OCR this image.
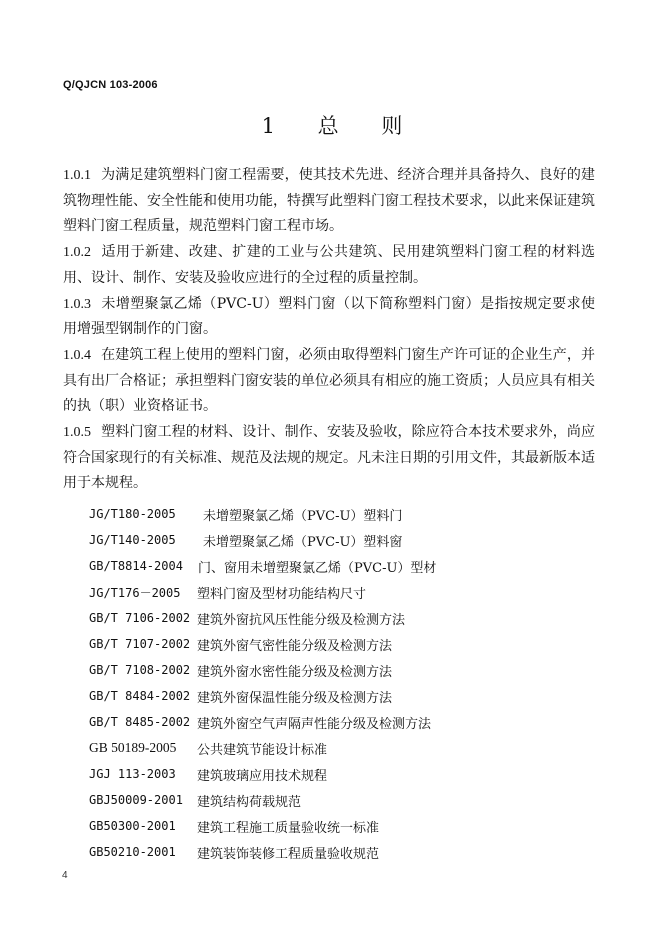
Q/QJCN 103-2006
1 总 则

1.0.1 为满足建筑塑料门窗工程需要，使其技术先进、经济合理并具备持久、良好的建筑物理性能、安全性能和使用功能，特撰写此塑料门窗工程技术要求，以此来保证建筑塑料门窗工程质量，规范塑料门窗工程市场。

1.0.2 适用于新建、改建、扩建的工业与公共建筑、民用建筑塑料门窗工程的材料选用、设计、制作、安装及验收应进行的全过程的质量控制。

1.0.3 未增塑聚氯乙烯（PVC-U）塑料门窗（以下简称塑料门窗）是指按规定要求使用增强型钢制作的门窗。

1.0.4 在建筑工程上使用的塑料门窗，必须由取得塑料门窗生产许可证的企业生产，并具有出厂合格证；承担塑料门窗安装的单位必须具有相应的施工资质；人员应具有相关的执（职）业资格证书。

1.0.5 塑料门窗工程的材料、设计、制作、安装及验收，除应符合本技术要求外，尚应符合国家现行的有关标准、规范及法规的规定。凡未注日期的引用文件，其最新版本适用于本规程。

JG/T180-2005	未增塑聚氯乙烯（PVC-U）塑料门
JG/T140-2005	未增塑聚氯乙烯（PVC-U）塑料窗
GB/T8814-2004	门、窗用未增塑聚氯乙烯（PVC-U）型材
JG/T176－2005	塑料门窗及型材功能结构尺寸
GB/T 7106-2002 建筑外窗抗风压性能分级及检测方法
GB/T 7107-2002 建筑外窗气密性能分级及检测方法
GB/T 7108-2002 建筑外窗水密性能分级及检测方法
GB/T 8484-2002 建筑外窗保温性能分级及检测方法
GB/T 8485-2002 建筑外窗空气声隔声性能分级及检测方法
GB 50189-2005	公共建筑节能设计标准
JGJ 113-2003	建筑玻璃应用技术规程
GBJ50009-2001	建筑结构荷载规范
GB50300-2001	建筑工程施工质量验收统一标准
GB50210-2001	建筑装饰装修工程质量验收规范
4
